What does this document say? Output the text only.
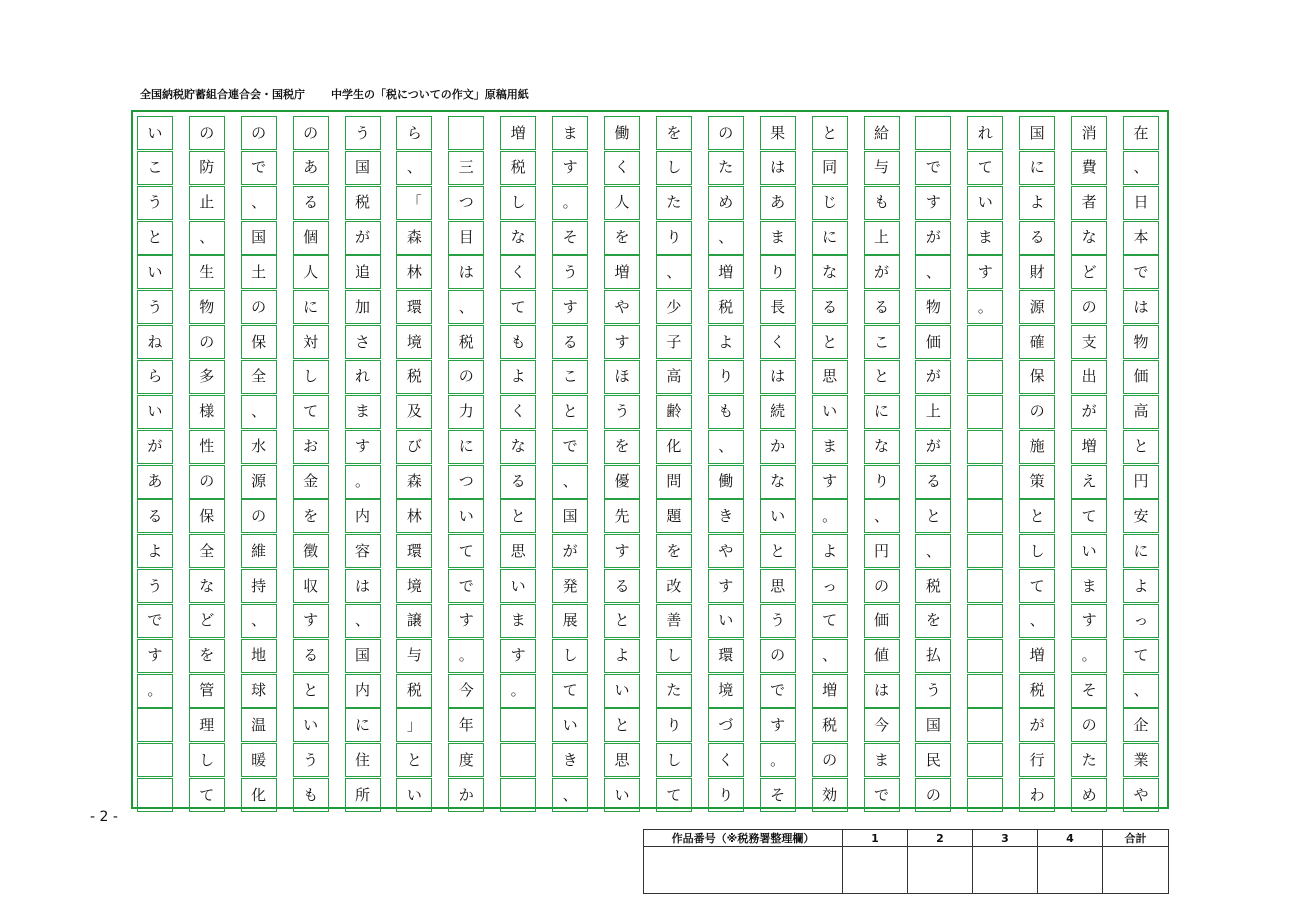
全国納税貯蓄組合連合会・国税庁 中学生の「税についての作文」原稿用紙
在
、
日
本
で
は
物
価
高
と
円
安
に
よ
っ
て
、
企
業
や
消
費
者
な
ど
の
支
出
が
増
え
て
い
ま
す
。
そ
の
た
め
国
に
よ
る
財
源
確
保
の
施
策
と
し
て
、
増
税
が
行
わ
れ
て
い
ま
す
。
で
す
が
、
物
価
が
上
が
る
と
、
税
を
払
う
国
民
の
給
与
も
上
が
る
こ
と
に
な
り
、
円
の
価
値
は
今
ま
で
と
同
じ
に
な
る
と
思
い
ま
す
。
よ
っ
て
、
増
税
の
効
果
は
あ
ま
り
長
く
は
続
か
な
い
と
思
う
の
で
す
。
そ
の
た
め
、
増
税
よ
り
も
、
働
き
や
す
い
環
境
づ
く
り
を
し
た
り
、
少
子
高
齢
化
問
題
を
改
善
し
た
り
し
て
働
く
人
を
増
や
す
ほ
う
を
優
先
す
る
と
よ
い
と
思
い
ま
す
。
そ
う
す
る
こ
と
で
、
国
が
発
展
し
て
い
き
、
増
税
し
な
く
て
も
よ
く
な
る
と
思
い
ま
す
。
三
つ
目
は
、
税
の
力
に
つ
い
て
で
す
。
今
年
度
か
ら
、
「
森
林
環
境
税
及
び
森
林
環
境
譲
与
税
」
と
い
う
国
税
が
追
加
さ
れ
ま
す
。
内
容
は
、
国
内
に
住
所
の
あ
る
個
人
に
対
し
て
お
金
を
徴
収
す
る
と
い
う
も
の
で
、
国
土
の
保
全
、
水
源
の
維
持
、
地
球
温
暖
化
の
防
止
、
生
物
の
多
様
性
の
保
全
な
ど
を
管
理
し
て
い
こ
う
と
い
う
ね
ら
い
が
あ
る
よ
う
で
す
。
- 2 -
作品番号（※税務署整理欄）	1	2	3	4	合計
